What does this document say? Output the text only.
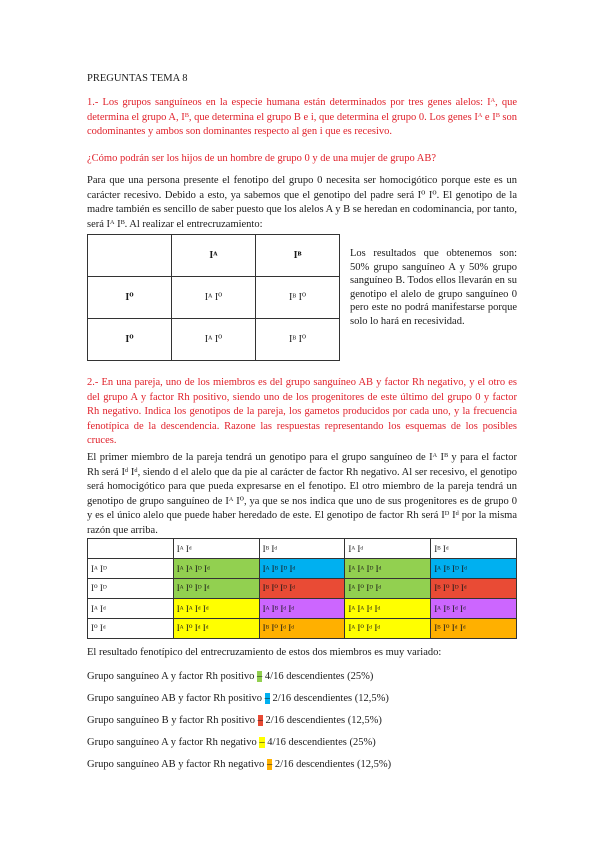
PREGUNTAS TEMA 8

1.- Los grupos sanguíneos en la especie humana están determinados por tres genes alelos: Iᴬ, que determina el grupo A, Iᴮ, que determina el grupo B e i, que determina el grupo 0. Los genes Iᴬ e Iᴮ son codominantes y ambos son dominantes respecto al gen i que es recesivo.

¿Cómo podrán ser los hijos de un hombre de grupo 0 y de una mujer de grupo AB?

Para que una persona presente el fenotipo del grupo 0 necesita ser homocigótico porque este es un carácter recesivo. Debido a esto, ya sabemos que el genotipo del padre será I⁰ I⁰. El genotipo de la madre también es sencillo de saber puesto que los alelos A y B se heredan en codominancia, por tanto, será Iᴬ Iᴮ. Al realizar el entrecruzamiento:

	Iᴬ	Iᴮ
I⁰	Iᴬ I⁰	Iᴮ I⁰
I⁰	Iᴬ I⁰	Iᴮ I⁰
Los resultados que obtenemos son: 50% grupo sanguíneo A y 50% grupo sanguíneo B. Todos ellos llevarán en su genotipo el alelo de grupo sanguíneo 0 pero este no podrá manifestarse porque solo lo hará en recesividad.

2.- En una pareja, uno de los miembros es del grupo sanguíneo AB y factor Rh negativo, y el otro es del grupo A y factor Rh positivo, siendo uno de los progenitores de este último del grupo 0 y factor Rh negativo. Indica los genotipos de la pareja, los gametos producidos por cada uno, y la frecuencia fenotípica de la descendencia. Razone las respuestas representando los esquemas de los posibles cruces.

El primer miembro de la pareja tendrá un genotipo para el grupo sanguíneo de Iᴬ Iᴮ y para el factor Rh será Iᵈ Iᵈ, siendo d el alelo que da pie al carácter de factor Rh negativo. Al ser recesivo, el genotipo será homocigótico para que pueda expresarse en el fenotipo. El otro miembro de la pareja tendrá un genotipo de grupo sanguíneo de Iᴬ I⁰, ya que se nos indica que uno de sus progenitores es de grupo 0 y es el único alelo que puede haber heredado de este. El genotipo de factor Rh será Iᴰ Iᵈ por la misma razón que arriba.

	Iᴬ Iᵈ	Iᴮ Iᵈ	Iᴬ Iᵈ	Iᴮ Iᵈ
Iᴬ Iᴰ	Iᴬ Iᴬ Iᴰ Iᵈ	Iᴬ Iᴮ Iᴰ Iᵈ	Iᴬ Iᴬ Iᴰ Iᵈ	Iᴬ Iᴮ Iᴰ Iᵈ
I⁰ Iᴰ	Iᴬ I⁰ Iᴰ Iᵈ	Iᴮ I⁰ Iᴰ Iᵈ	Iᴬ I⁰ Iᴰ Iᵈ	Iᴮ I⁰ Iᴰ Iᵈ
Iᴬ Iᵈ	Iᴬ Iᴬ Iᵈ Iᵈ	Iᴬ Iᴮ Iᵈ Iᵈ	Iᴬ Iᴬ Iᵈ Iᵈ	Iᴬ Iᴮ Iᵈ Iᵈ
I⁰ Iᵈ	Iᴬ I⁰ Iᵈ Iᵈ	Iᴮ I⁰ Iᵈ Iᵈ	Iᴬ I⁰ Iᵈ Iᵈ	Iᴮ I⁰ Iᵈ Iᵈ
El resultado fenotípico del entrecruzamiento de estos dos miembros es muy variado:
Grupo sanguíneo A y factor Rh positivo – 4/16 descendientes (25%)
Grupo sanguíneo AB y factor Rh positivo – 2/16 descendientes (12,5%)
Grupo sanguíneo B y factor Rh positivo – 2/16 descendientes (12,5%)
Grupo sanguíneo A y factor Rh negativo – 4/16 descendientes (25%)
Grupo sanguíneo AB y factor Rh negativo – 2/16 descendientes (12,5%)
